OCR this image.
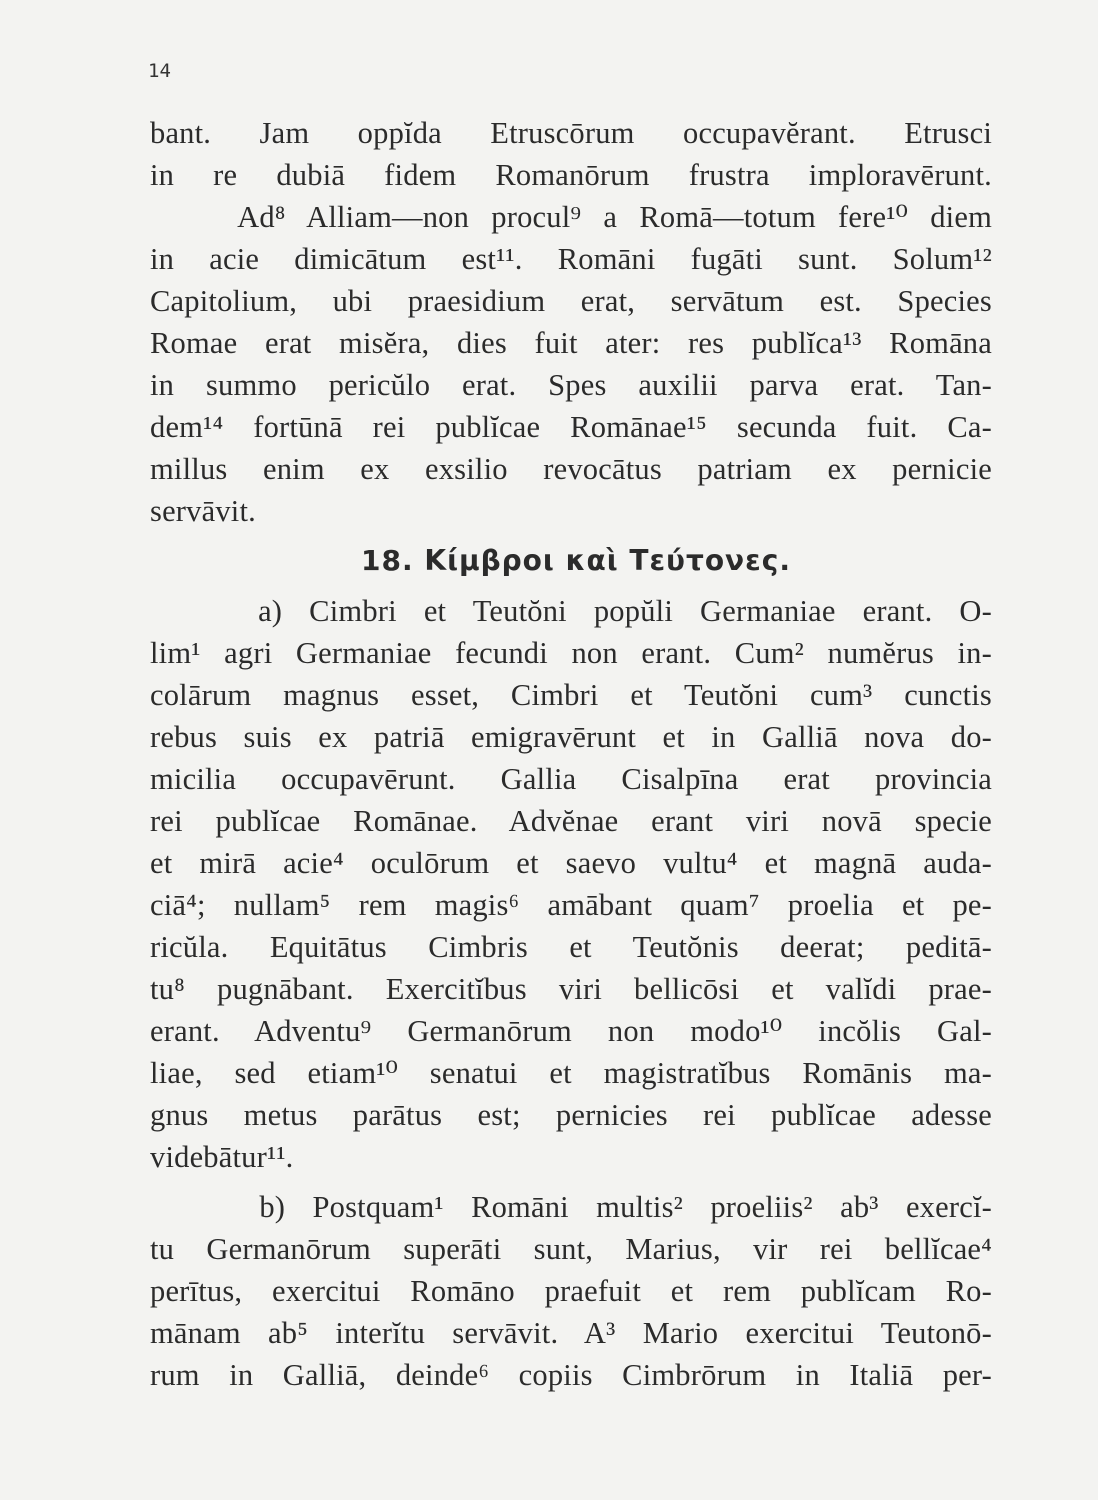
14
bant. Jam oppĭda Etruscōrum occupavĕrant. Etrusci
in re dubiā fidem Romanōrum frustra imploravērunt.
Ad⁸ Alliam—non procul⁹ a Romā—totum fere¹⁰ diem
in acie dimicātum est¹¹. Romāni fugāti sunt. Solum¹²
Capitolium, ubi praesidium erat, servātum est. Species
Romae erat misĕra, dies fuit ater: res publĭca¹³ Romāna
in summo pericŭlo erat. Spes auxilii parva erat. Tan-
dem¹⁴ fortūnā rei publĭcae Romānae¹⁵ secunda fuit. Ca-
millus enim ex exsilio revocātus patriam ex pernicie
servāvit.
18. Κίμβροι καὶ Τεύτονες.
a) Cimbri et Teutŏni popŭli Germaniae erant. O-
lim¹ agri Germaniae fecundi non erant. Cum² numĕrus in-
colārum magnus esset, Cimbri et Teutŏni cum³ cunctis
rebus suis ex patriā emigravērunt et in Galliā nova do-
micilia occupavērunt. Gallia Cisalpīna erat provincia
rei publĭcae Romānae. Advĕnae erant viri novā specie
et mirā acie⁴ oculōrum et saevo vultu⁴ et magnā auda-
ciā⁴; nullam⁵ rem magis⁶ amābant quam⁷ proelia et pe-
ricŭla. Equitātus Cimbris et Teutŏnis deerat; peditā-
tu⁸ pugnābant. Exercitĭbus viri bellicōsi et valĭdi prae-
erant. Adventu⁹ Germanōrum non modo¹⁰ incŏlis Gal-
liae, sed etiam¹⁰ senatui et magistratĭbus Romānis ma-
gnus metus parātus est; pernicies rei publĭcae adesse
videbātur¹¹.
b) Postquam¹ Romāni multis² proeliis² ab³ exercĭ-
tu Germanōrum superāti sunt, Marius, vir rei bellĭcae⁴
perītus, exercitui Romāno praefuit et rem publĭcam Ro-
mānam ab⁵ interĭtu servāvit. A³ Mario exercitui Teutonō-
rum in Galliā, deinde⁶ copiis Cimbrōrum in Italiā per-
